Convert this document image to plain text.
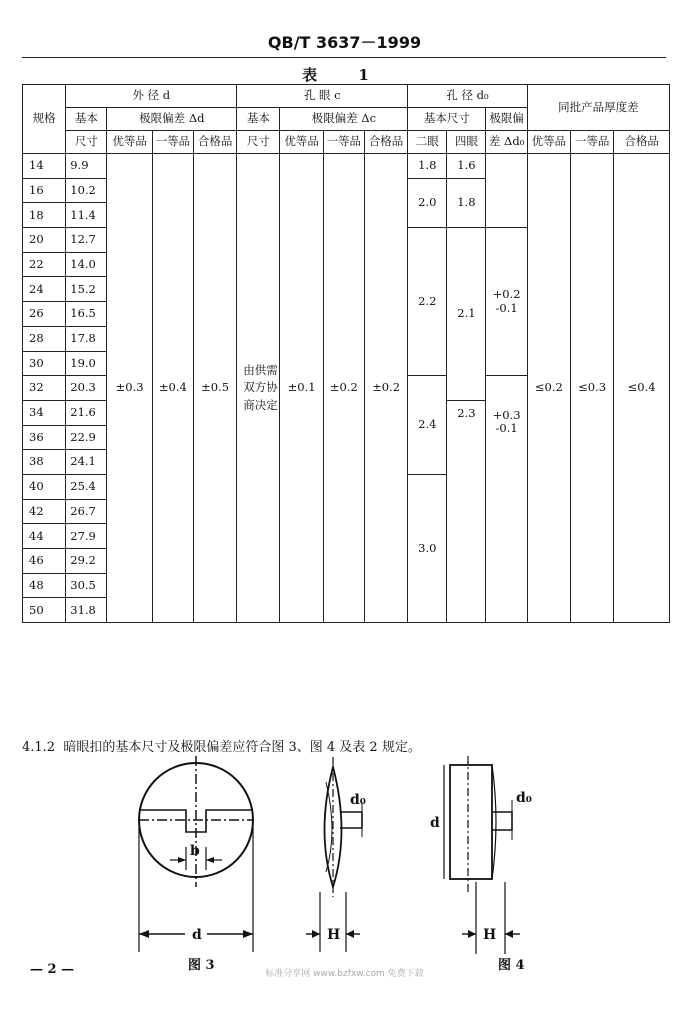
QB/T 3637－1999
表 1
规格	外 径 d				孔 眼 c				孔 径 d₀			同批产品厚度差		
	基本	极限偏差 Δd			基本	极限偏差 Δc			基本尺寸		极限偏			
	尺寸	优等品	一等品	合格品	尺寸	优等品	一等品	合格品	二眼	四眼	差 Δd₀	优等品	一等品	合格品
14	9.9	±0.3	±0.4	±0.5	由供需双方协商决定	±0.1	±0.2	±0.2	1.8	1.6		≤0.2	≤0.3	≤0.4
16	10.2								2.0	1.8				
18	11.4													
20	12.7								2.2	2.1	+0.2
-0.1			
22	14.0													
24	15.2													
26	16.5													
28	17.8													
30	19.0													
32	20.3								2.4		+0.3
-0.1			
34	21.6									2.3				
36	22.9													
38	24.1													
40	25.4								3.0					
42	26.7													
44	27.9													
46	29.2													
48	30.5													
50	31.8													
4.1.2 暗眼扣的基本尺寸及极限偏差应符合图 3、图 4 及表 2 规定。
b
d
d₀
H
d
d₀
H
图 3	图 4
— 2 —	标准分享网 www.bzfxw.com 免费下载
